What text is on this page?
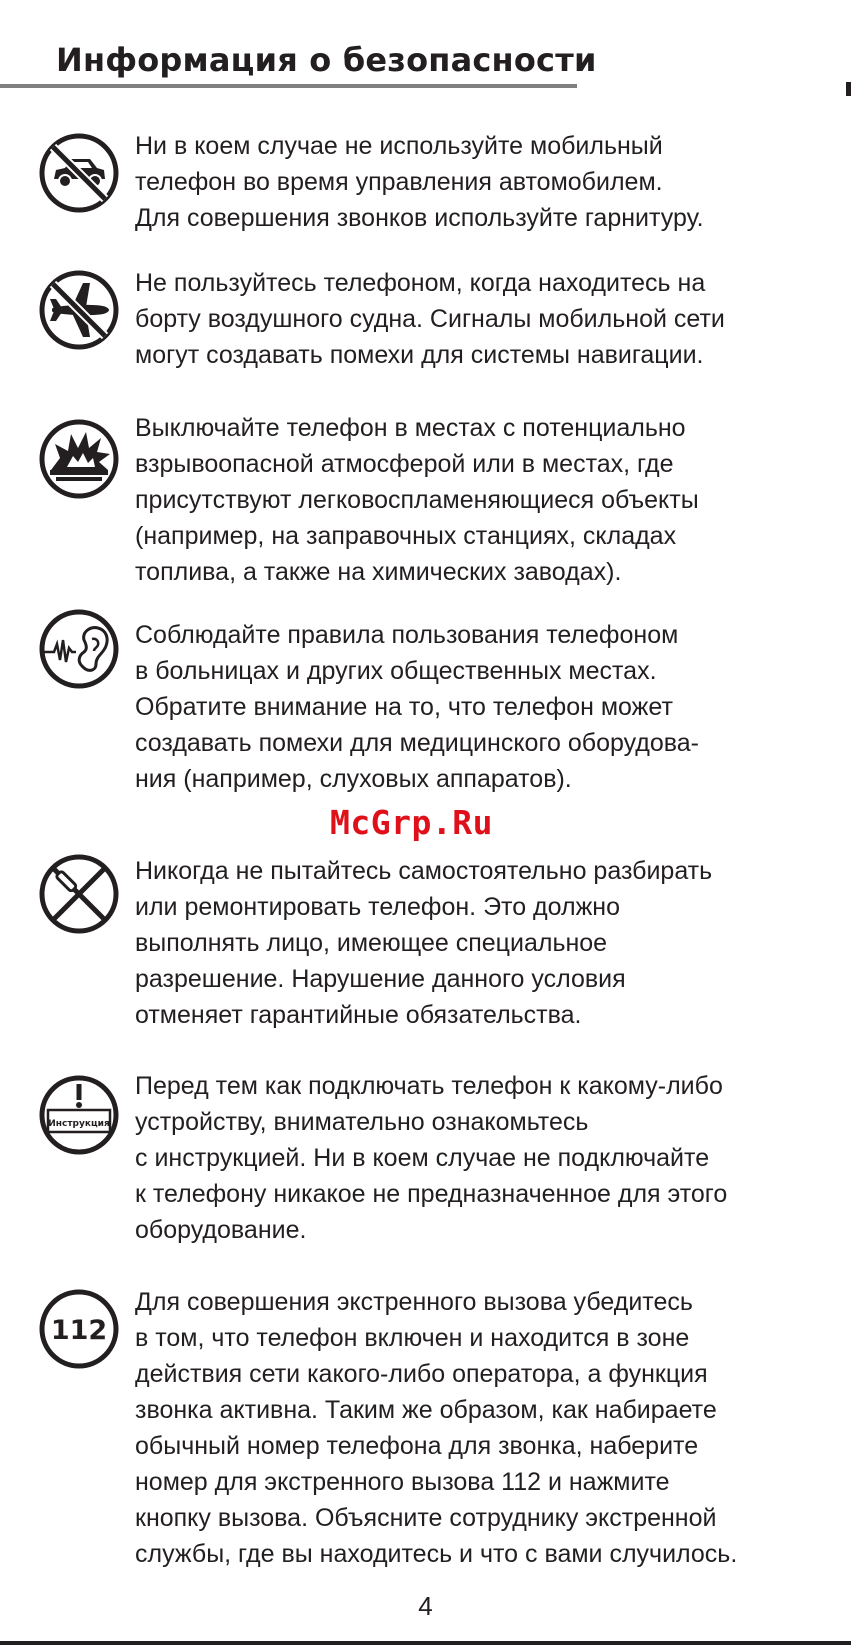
Информация о безопасности

Ни в коем случае не используйте мобильный
телефон во время управления автомобилем.
Для совершения звонков используйте гарнитуру.

Не пользуйтесь телефоном, когда находитесь на
борту воздушного судна. Сигналы мобильной сети
могут создавать помехи для системы навигации.

Выключайте телефон в местах с потенциально
взрывоопасной атмосферой или в местах, где
присутствуют легковоспламеняющиеся объекты
(например, на заправочных станциях, складах
топлива, а также на химических заводах).

Соблюдайте правила пользования телефоном
в больницах и других общественных местах.
Обратите внимание на то, что телефон может
создавать помехи для медицинского оборудова-
ния (например, слуховых аппаратов).

McGrp.Ru

Никогда не пытайтесь самостоятельно разбирать
или ремонтировать телефон. Это должно
выполнять лицо, имеющее специальное
разрешение. Нарушение данного условия
отменяет гарантийные обязательства.

Инструкция

Перед тем как подключать телефон к какому-либо
устройству, внимательно ознакомьтесь
с инструкцией. Ни в коем случае не подключайте
к телефону никакое не предназначенное для этого
оборудование.

112

Для совершения экстренного вызова убедитесь
в том, что телефон включен и находится в зоне
действия сети какого-либо оператора, а функция
звонка активна. Таким же образом, как набираете
обычный номер телефона для звонка, наберите
номер для экстренного вызова 112 и нажмите
кнопку вызова. Объясните сотруднику экстренной
службы, где вы находитесь и что с вами случилось.

4
